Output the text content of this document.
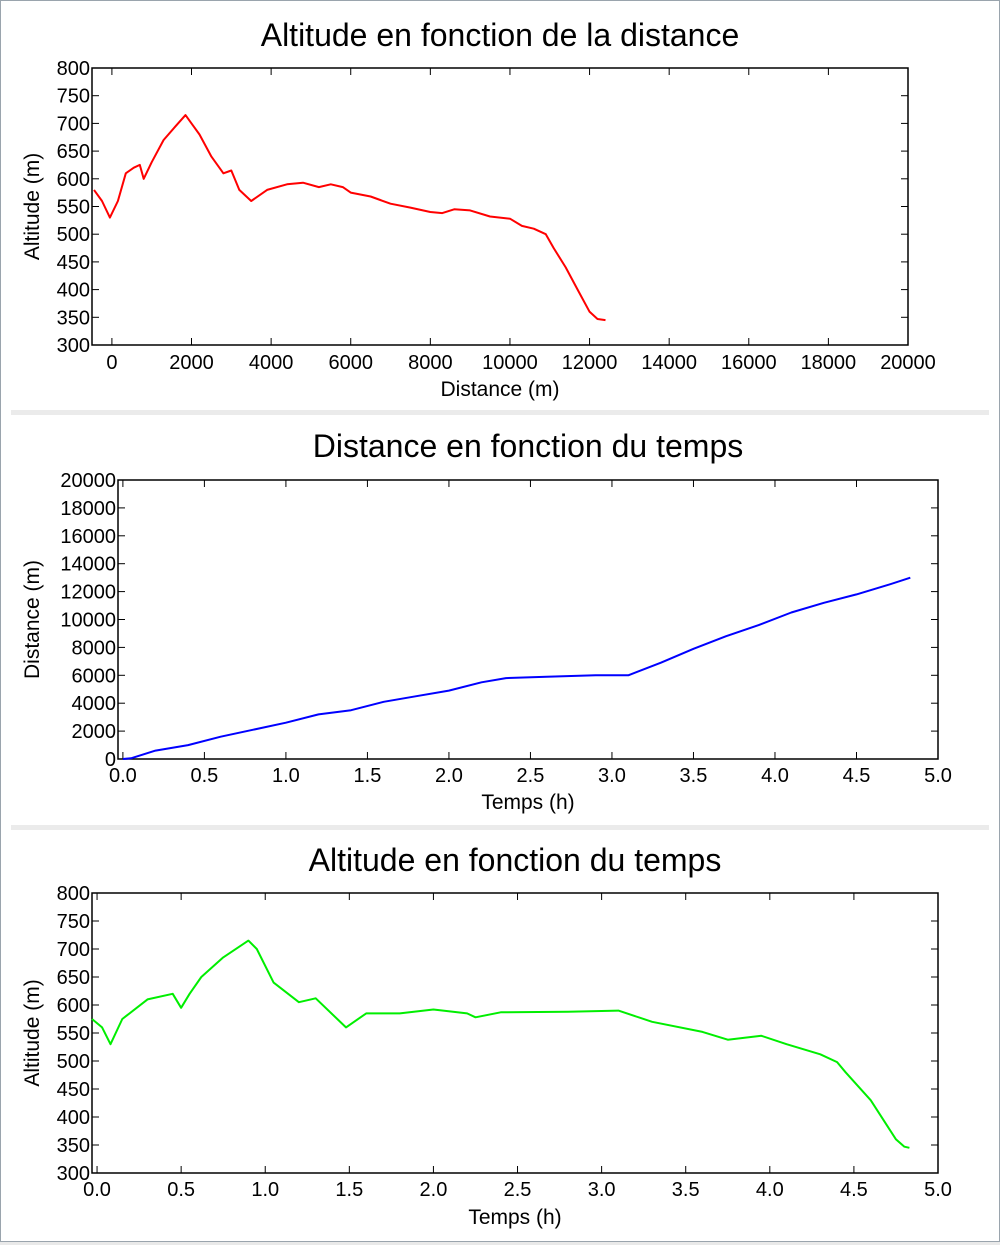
Altitude en fonction de la distance
300
350
400
450
500
550
600
650
700
750
800
0	2000 4000 6000 8000 10000 12000 14000 16000 18000 20000
Distance (m)
Altitude (m)
Distance en fonction du temps
0
2000
4000
6000
8000
10000
12000
14000
16000
18000
20000
0.0	0.5	1.0	1.5	2.0	2.5	3.0	3.5	4.0	4.5	5.0
Temps (h)
Distance (m)
Altitude en fonction du temps
300
350
400
450
500
550
600
650
700
750
800
0.0	0.5	1.0	1.5	2.0	2.5	3.0	3.5	4.0	4.5	5.0
Temps (h)
Altitude (m)
